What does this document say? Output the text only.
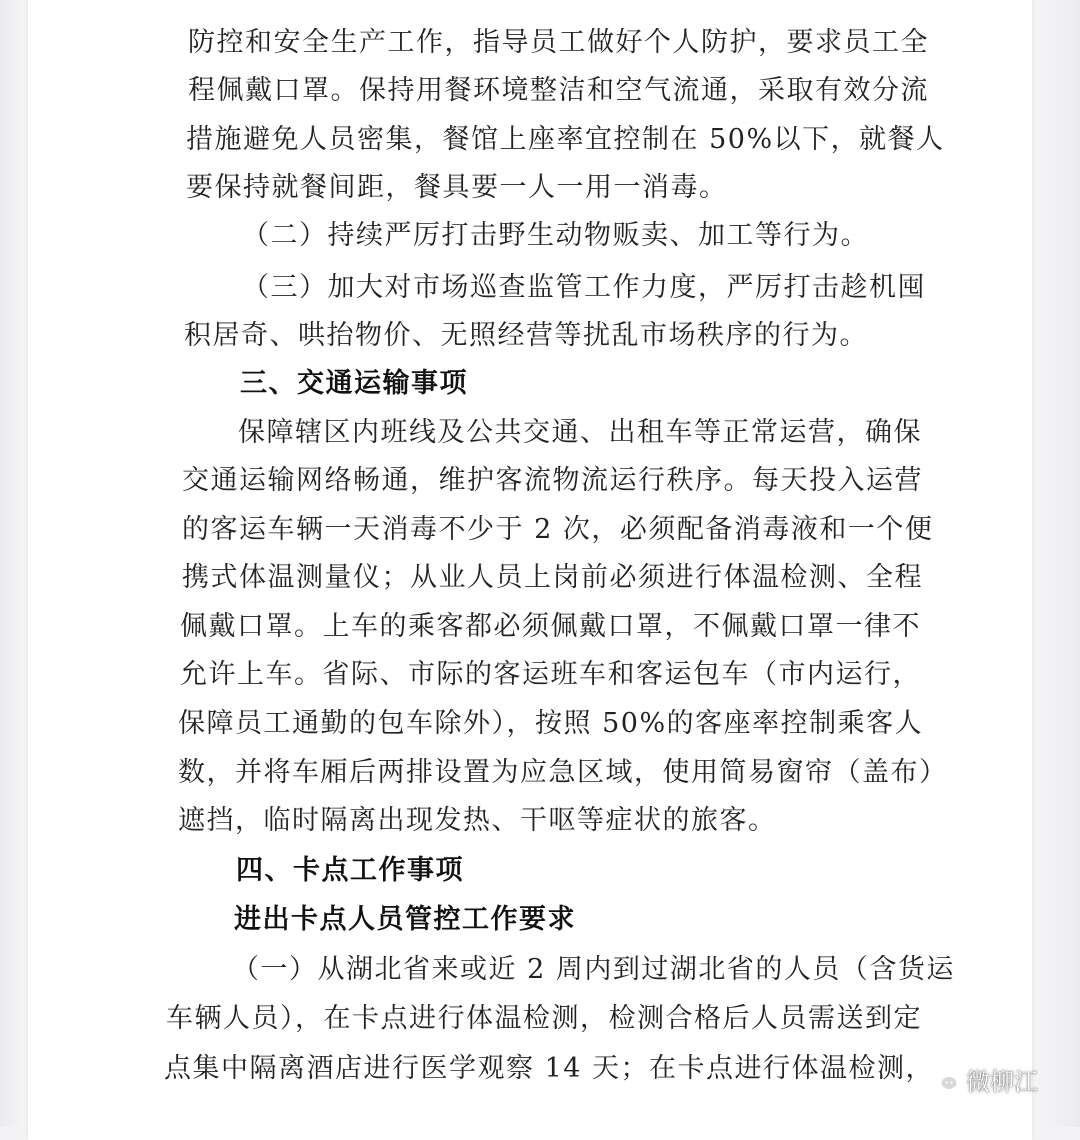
防控和安全生产工作，指导员工做好个人防护，要求员工全
程佩戴口罩。保持用餐环境整洁和空气流通，采取有效分流
措施避免人员密集，餐馆上座率宜控制在 50%以下，就餐人
要保持就餐间距，餐具要一人一用一消毒。
（二）持续严厉打击野生动物贩卖、加工等行为。
（三）加大对市场巡查监管工作力度，严厉打击趁机囤
积居奇、哄抬物价、无照经营等扰乱市场秩序的行为。
三、交通运输事项
保障辖区内班线及公共交通、出租车等正常运营，确保
交通运输网络畅通，维护客流物流运行秩序。每天投入运营
的客运车辆一天消毒不少于 2 次，必须配备消毒液和一个便
携式体温测量仪；从业人员上岗前必须进行体温检测、全程
佩戴口罩。上车的乘客都必须佩戴口罩，不佩戴口罩一律不
允许上车。省际、市际的客运班车和客运包车（市内运行，
保障员工通勤的包车除外），按照 50%的客座率控制乘客人
数，并将车厢后两排设置为应急区域，使用简易窗帘（盖布）
遮挡，临时隔离出现发热、干呕等症状的旅客。
四、卡点工作事项
进出卡点人员管控工作要求
（一）从湖北省来或近 2 周内到过湖北省的人员（含货运
车辆人员），在卡点进行体温检测，检测合格后人员需送到定
点集中隔离酒店进行医学观察 14 天；在卡点进行体温检测， 微柳江
